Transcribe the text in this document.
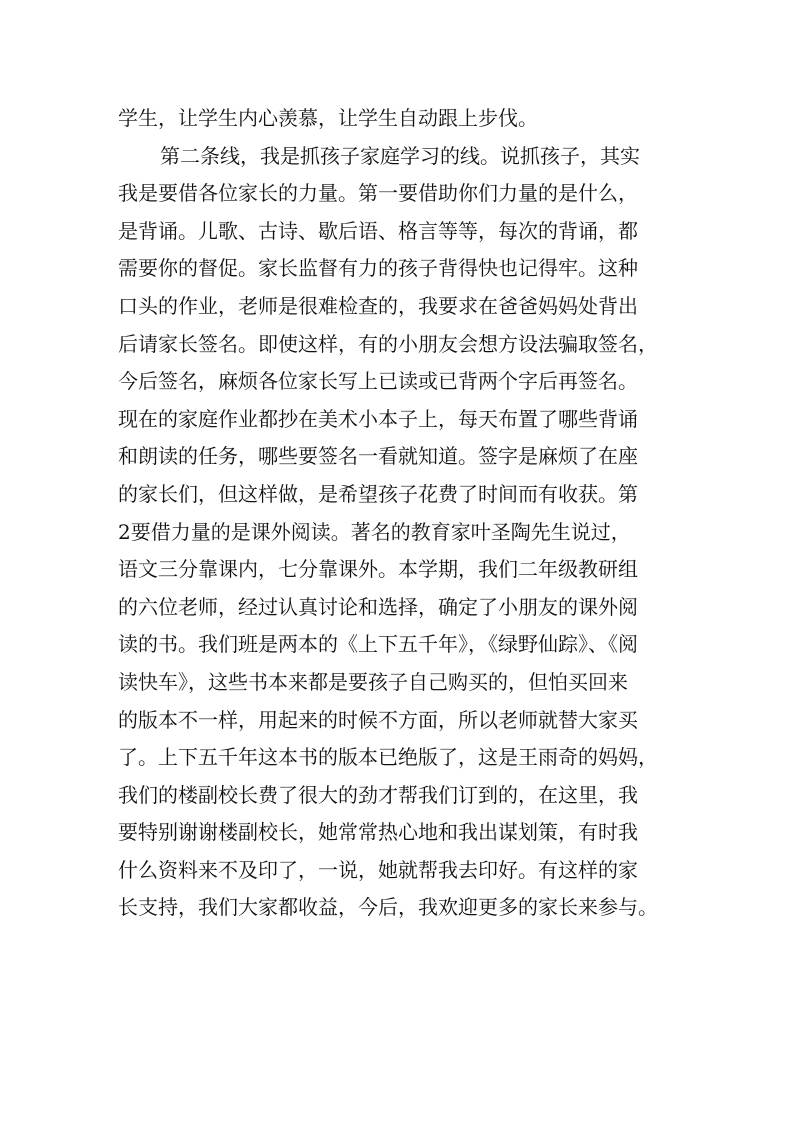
学生，让学生内心羡慕，让学生自动跟上步伐。
第二条线，我是抓孩子家庭学习的线。说抓孩子，其实
我是要借各位家长的力量。第一要借助你们力量的是什么，
是背诵。儿歌、古诗、歇后语、格言等等，每次的背诵，都
需要你的督促。家长监督有力的孩子背得快也记得牢。这种
口头的作业，老师是很难检查的，我要求在爸爸妈妈处背出
后请家长签名。即使这样，有的小朋友会想方设法骗取签名，
今后签名，麻烦各位家长写上已读或已背两个字后再签名。
现在的家庭作业都抄在美术小本子上，每天布置了哪些背诵
和朗读的任务，哪些要签名一看就知道。签字是麻烦了在座
的家长们，但这样做，是希望孩子花费了时间而有收获。第
2要借力量的是课外阅读。著名的教育家叶圣陶先生说过，
语文三分靠课内，七分靠课外。本学期，我们二年级教研组
的六位老师，经过认真讨论和选择，确定了小朋友的课外阅
读的书。我们班是两本的《上下五千年》，《绿野仙踪》、《阅
读快车》，这些书本来都是要孩子自己购买的，但怕买回来
的版本不一样，用起来的时候不方面，所以老师就替大家买
了。上下五千年这本书的版本已绝版了，这是王雨奇的妈妈，
我们的楼副校长费了很大的劲才帮我们订到的，在这里，我
要特别谢谢楼副校长，她常常热心地和我出谋划策，有时我
什么资料来不及印了，一说，她就帮我去印好。有这样的家
长支持，我们大家都收益，今后，我欢迎更多的家长来参与。
